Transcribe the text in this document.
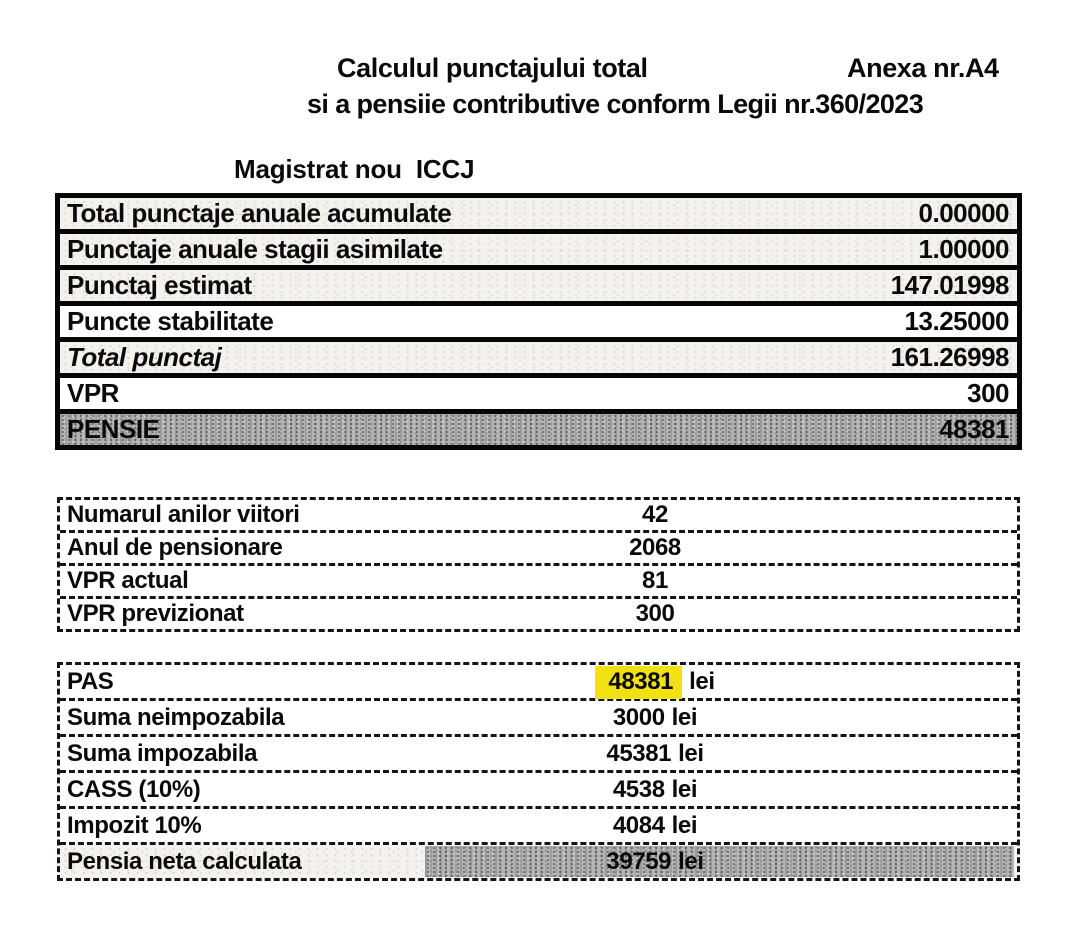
Calculul punctajului total	Anexa nr.A4
si a pensiie contributive conform Legii nr.360/2023
Magistrat nou  ICCJ
Total punctaje anuale acumulate	0.00000
Punctaje anuale stagii asimilate	1.00000
Punctaj estimat	147.01998
Puncte stabilitate	13.25000
Total punctaj	161.26998
VPR	300
PENSIE	48381
Numarul anilor viitori	42
Anul de pensionare	2068
VPR actual	81
VPR previzionat	300
PAS	48381 lei
Suma neimpozabila	3000 lei
Suma impozabila	45381 lei
CASS (10%)	4538 lei
Impozit 10%	4084 lei
Pensia neta calculata	39759 lei
